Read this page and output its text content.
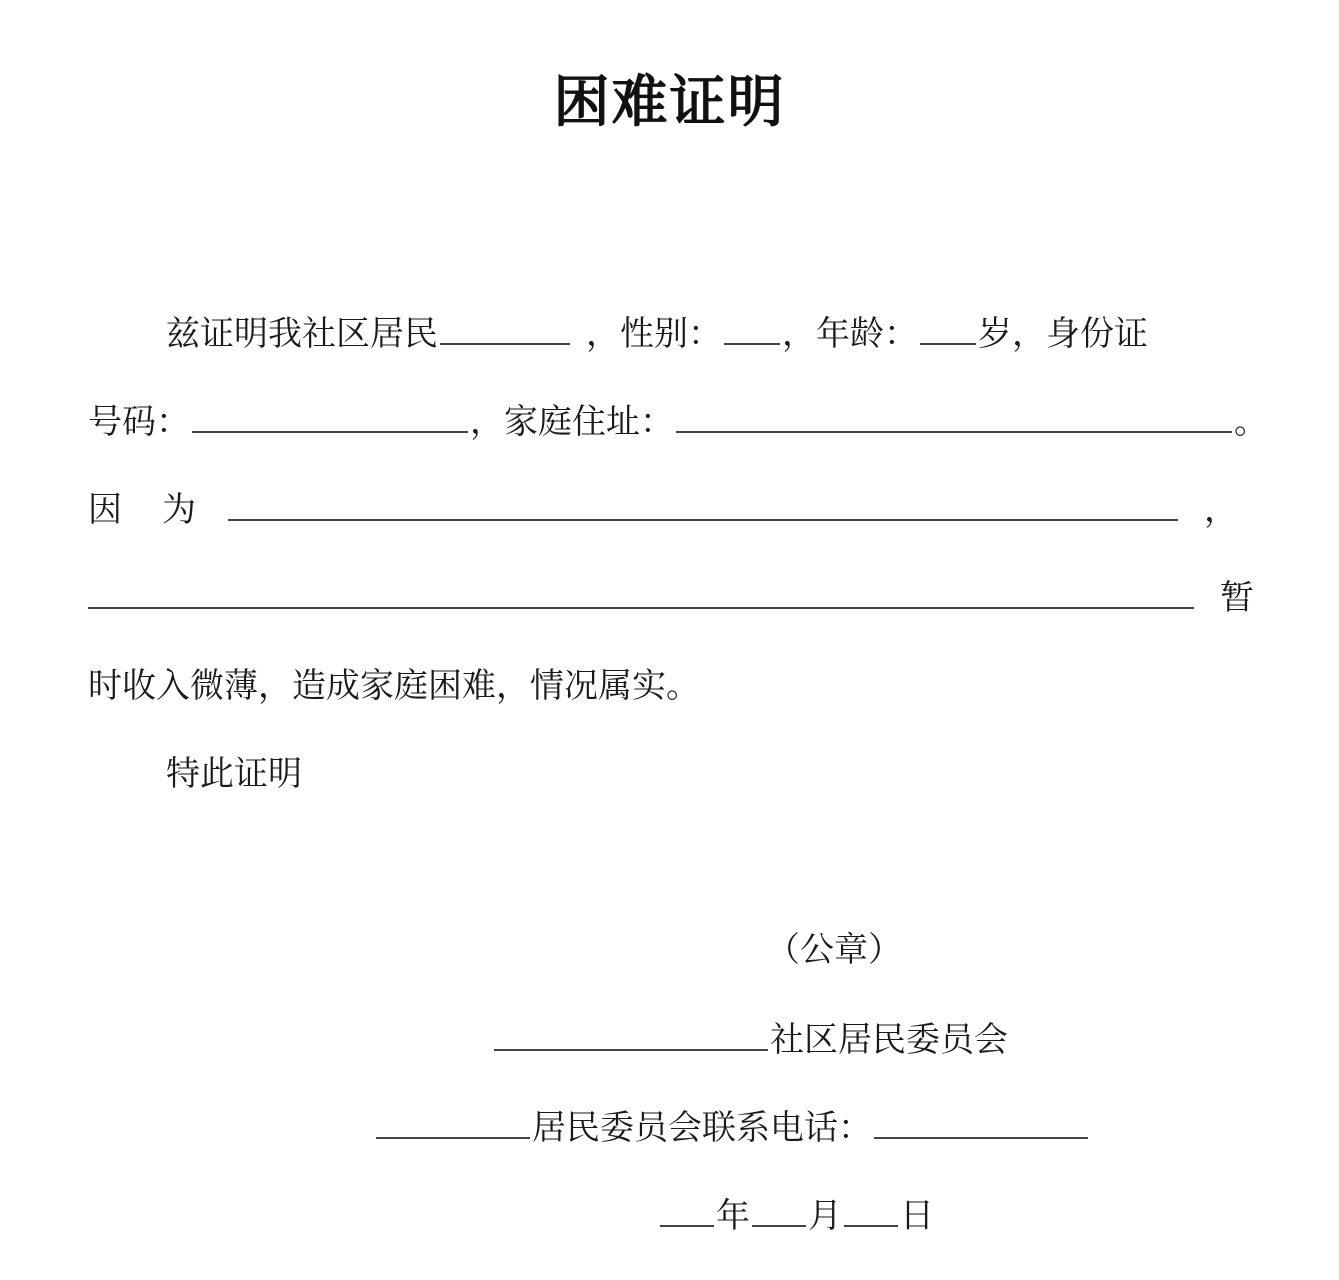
困难证明
兹证明我社区居民	，性别： ，年龄： 岁，身份证
号码：	，家庭住址：	。
因 为	，
暂
时收入微薄，造成家庭困难，情况属实。
特此证明
（公章）
社区居民委员会
居民委员会联系电话：
年 月 日
